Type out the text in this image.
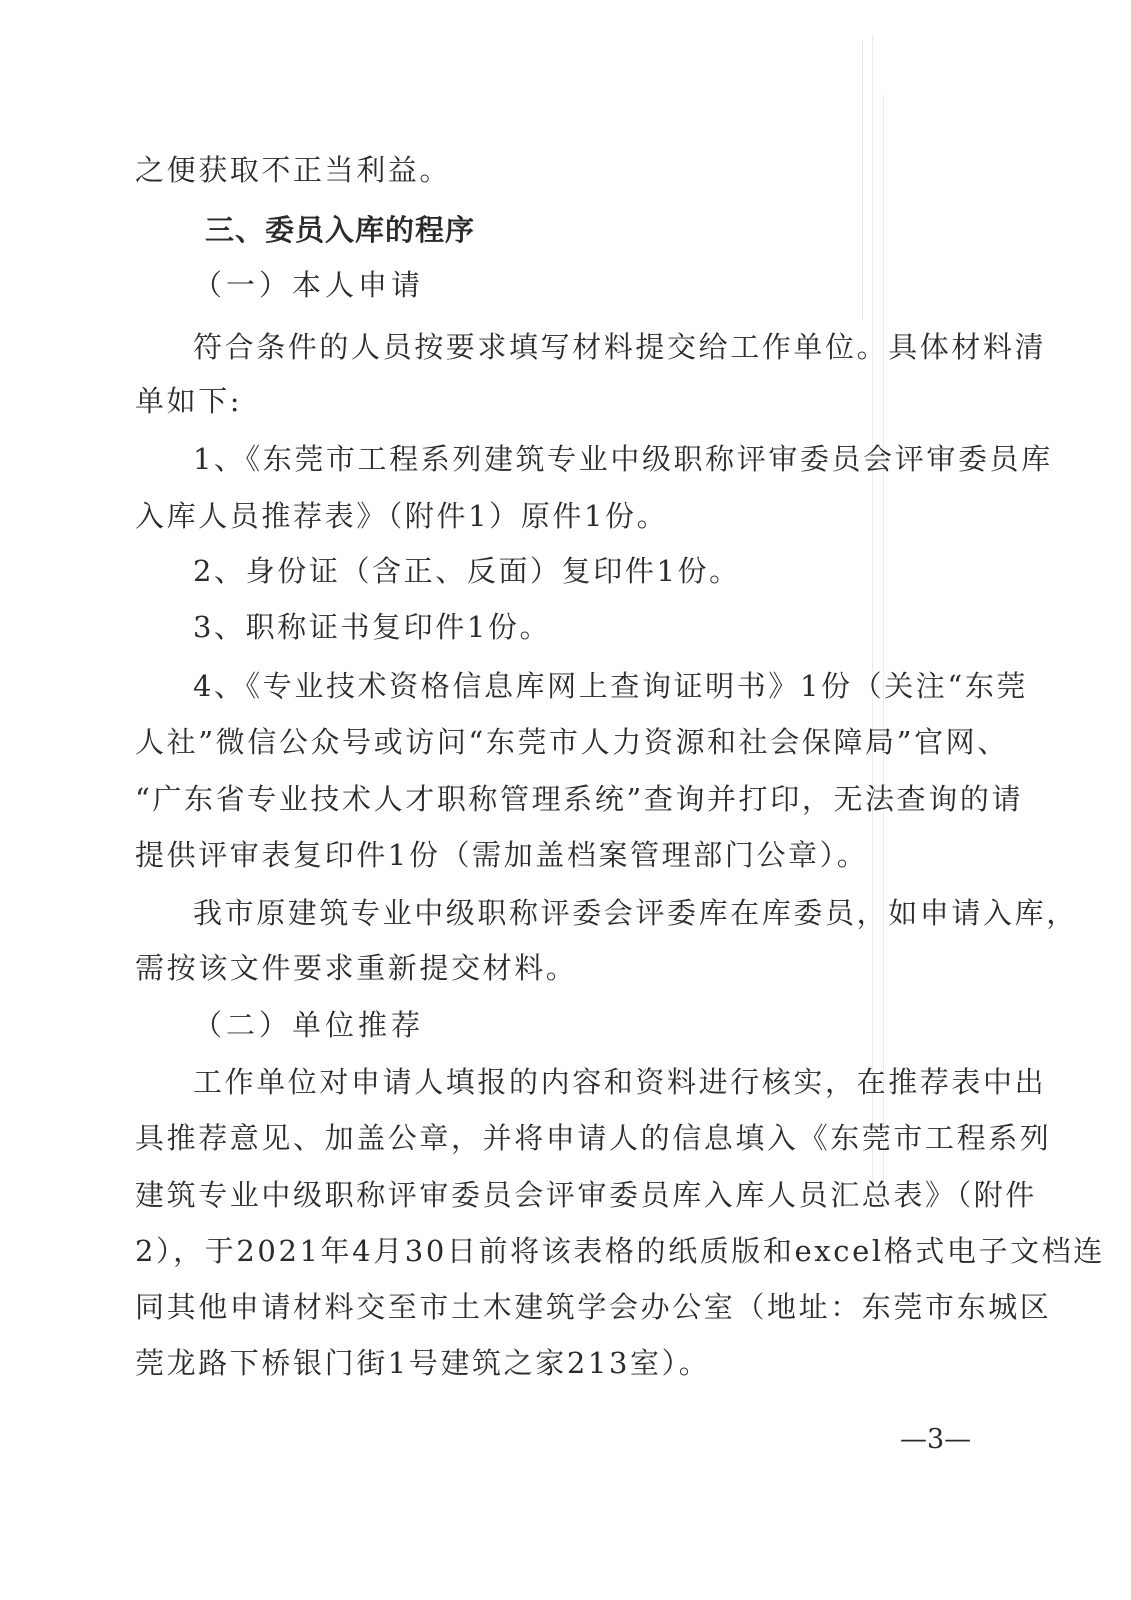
之便获取不正当利益。
三、委员入库的程序
（一）本人申请
符合条件的人员按要求填写材料提交给工作单位。具体材料清
单如下:
1、《东莞市工程系列建筑专业中级职称评审委员会评审委员库
入库人员推荐表》（附件1）原件1份。
2、身份证（含正、反面）复印件1份。
3、职称证书复印件1份。
4、《专业技术资格信息库网上查询证明书》1份（关注“东莞
人社”微信公众号或访问“东莞市人力资源和社会保障局”官网、
“广东省专业技术人才职称管理系统”查询并打印，无法查询的请
提供评审表复印件1份（需加盖档案管理部门公章）。
我市原建筑专业中级职称评委会评委库在库委员，如申请入库，
需按该文件要求重新提交材料。
（二）单位推荐
工作单位对申请人填报的内容和资料进行核实，在推荐表中出
具推荐意见、加盖公章，并将申请人的信息填入《东莞市工程系列
建筑专业中级职称评审委员会评审委员库入库人员汇总表》（附件
2），于2021年4月30日前将该表格的纸质版和excel格式电子文档连
同其他申请材料交至市土木建筑学会办公室（地址：东莞市东城区
莞龙路下桥银门街1号建筑之家213室）。
—3—
